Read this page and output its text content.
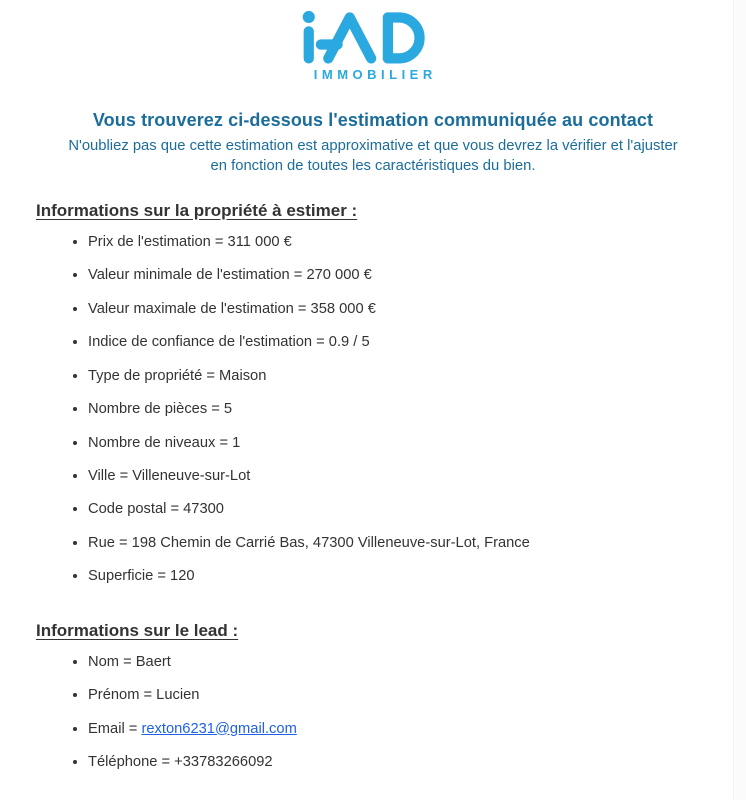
IMMOBILIER
Vous trouverez ci-dessous l'estimation communiquée au contact

N'oubliez pas que cette estimation est approximative et que vous devrez la vérifier et l'ajuster en fonction de toutes les caractéristiques du bien.

Informations sur la propriété à estimer :
• Prix de l'estimation = 311 000 €
• Valeur minimale de l'estimation = 270 000 €
• Valeur maximale de l'estimation = 358 000 €
• Indice de confiance de l'estimation = 0.9 / 5
• Type de propriété = Maison
• Nombre de pièces = 5
• Nombre de niveaux = 1
• Ville = Villeneuve-sur-Lot
• Code postal = 47300
• Rue = 198 Chemin de Carrié Bas, 47300 Villeneuve-sur-Lot, France
• Superficie = 120
Informations sur le lead :
• Nom = Baert
• Prénom = Lucien
• Email = rexton6231@gmail.com
• Téléphone = +33783266092
